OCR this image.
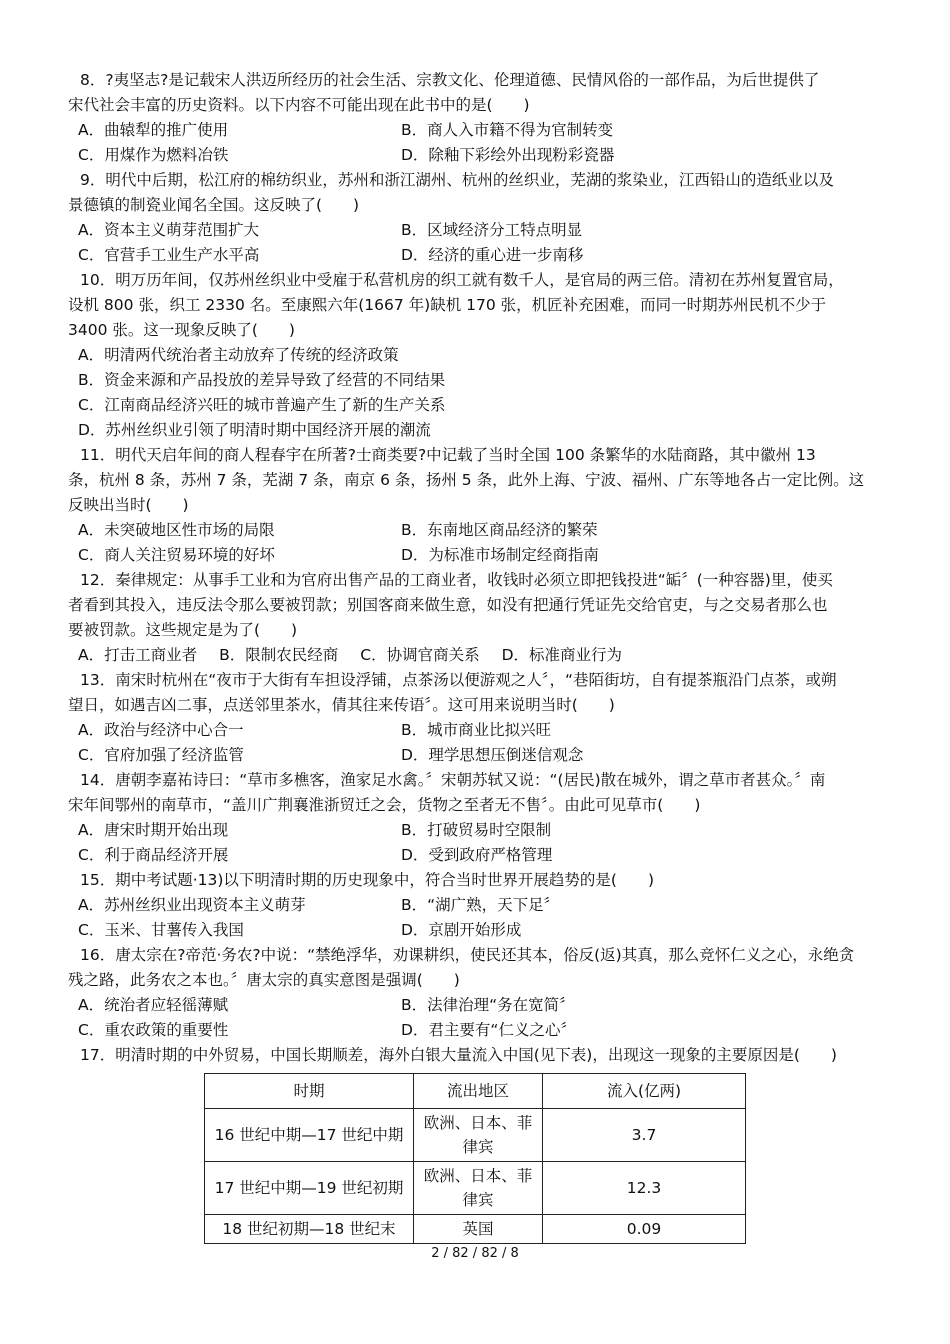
8．?夷坚志?是记载宋人洪迈所经历的社会生活、宗教文化、伦理道德、民情风俗的一部作品，为后世提供了
宋代社会丰富的历史资料。以下内容不可能出现在此书中的是(　　)
A．曲辕犁的推广使用	B．商人入市籍不得为官制转变
C．用煤作为燃料冶铁	D．除釉下彩绘外出现粉彩瓷器
9．明代中后期，松江府的棉纺织业，苏州和浙江湖州、杭州的丝织业，芜湖的浆染业，江西铅山的造纸业以及
景德镇的制瓷业闻名全国。这反映了(　　)
A．资本主义萌芽范围扩大	B．区域经济分工特点明显
C．官营手工业生产水平高	D．经济的重心进一步南移
10．明万历年间，仅苏州丝织业中受雇于私营机房的织工就有数千人，是官局的两三倍。清初在苏州复置官局，
设机 800 张，织工 2330 名。至康熙六年(1667 年)缺机 170 张，机匠补充困难，而同一时期苏州民机不少于
3400 张。这一现象反映了(　　)
A．明清两代统治者主动放弃了传统的经济政策
B．资金来源和产品投放的差异导致了经营的不同结果
C．江南商品经济兴旺的城市普遍产生了新的生产关系
D．苏州丝织业引领了明清时期中国经济开展的潮流
11．明代天启年间的商人程春宇在所著?士商类要?中记载了当时全国 100 条繁华的水陆商路，其中徽州 13
条，杭州 8 条，苏州 7 条，芜湖 7 条，南京 6 条，扬州 5 条，此外上海、宁波、福州、广东等地各占一定比例。这
反映出当时(　　)
A．未突破地区性市场的局限	B．东南地区商品经济的繁荣
C．商人关注贸易环境的好坏	D．为标准市场制定经商指南
12．秦律规定：从事手工业和为官府出售产品的工商业者，收钱时必须立即把钱投进“缿〞(一种容器)里，使买
者看到其投入，违反法令那么要被罚款；别国客商来做生意，如没有把通行凭证先交给官吏，与之交易者那么也
要被罚款。这些规定是为了(　　)
A．打击工商业者 B．限制农民经商 C．协调官商关系 D．标准商业行为
13．南宋时杭州在“夜市于大街有车担设浮铺，点茶汤以便游观之人〞，“巷陌街坊，自有提茶瓶沿门点茶，或朔
望日，如遇吉凶二事，点送邻里茶水，倩其往来传语〞。这可用来说明当时(　　)
A．政治与经济中心合一	B．城市商业比拟兴旺
C．官府加强了经济监管	D．理学思想压倒迷信观念
14．唐朝李嘉祐诗曰：“草市多樵客，渔家足水禽。〞宋朝苏轼又说：“(居民)散在城外，谓之草市者甚众。〞南
宋年间鄂州的南草市，“盖川广荆襄淮浙贸迁之会，货物之至者无不售〞。由此可见草市(　　)
A．唐宋时期开始出现	B．打破贸易时空限制
C．利于商品经济开展	D．受到政府严格管理
15．期中考试题·13)以下明清时期的历史现象中，符合当时世界开展趋势的是(　　)
A．苏州丝织业出现资本主义萌芽	B．“湖广熟，天下足〞
C．玉米、甘薯传入我国	D．京剧开始形成
16．唐太宗在?帝范·务农?中说：“禁绝浮华，劝课耕织，使民还其本，俗反(返)其真，那么竞怀仁义之心，永绝贪
残之路，此务农之本也。〞唐太宗的真实意图是强调(　　)
A．统治者应轻徭薄赋	B．法律治理“务在宽简〞
C．重农政策的重要性	D．君主要有“仁义之心〞
17．明清时期的中外贸易，中国长期顺差，海外白银大量流入中国(见下表)，出现这一现象的主要原因是(　　)
时期	流出地区	流入(亿两)
16 世纪中期—17 世纪中期	欧洲、日本、菲律宾	3.7
17 世纪中期—19 世纪初期	欧洲、日本、菲律宾	12.3
18 世纪初期—18 世纪末	英国	0.09
2 / 82 / 82 / 8
